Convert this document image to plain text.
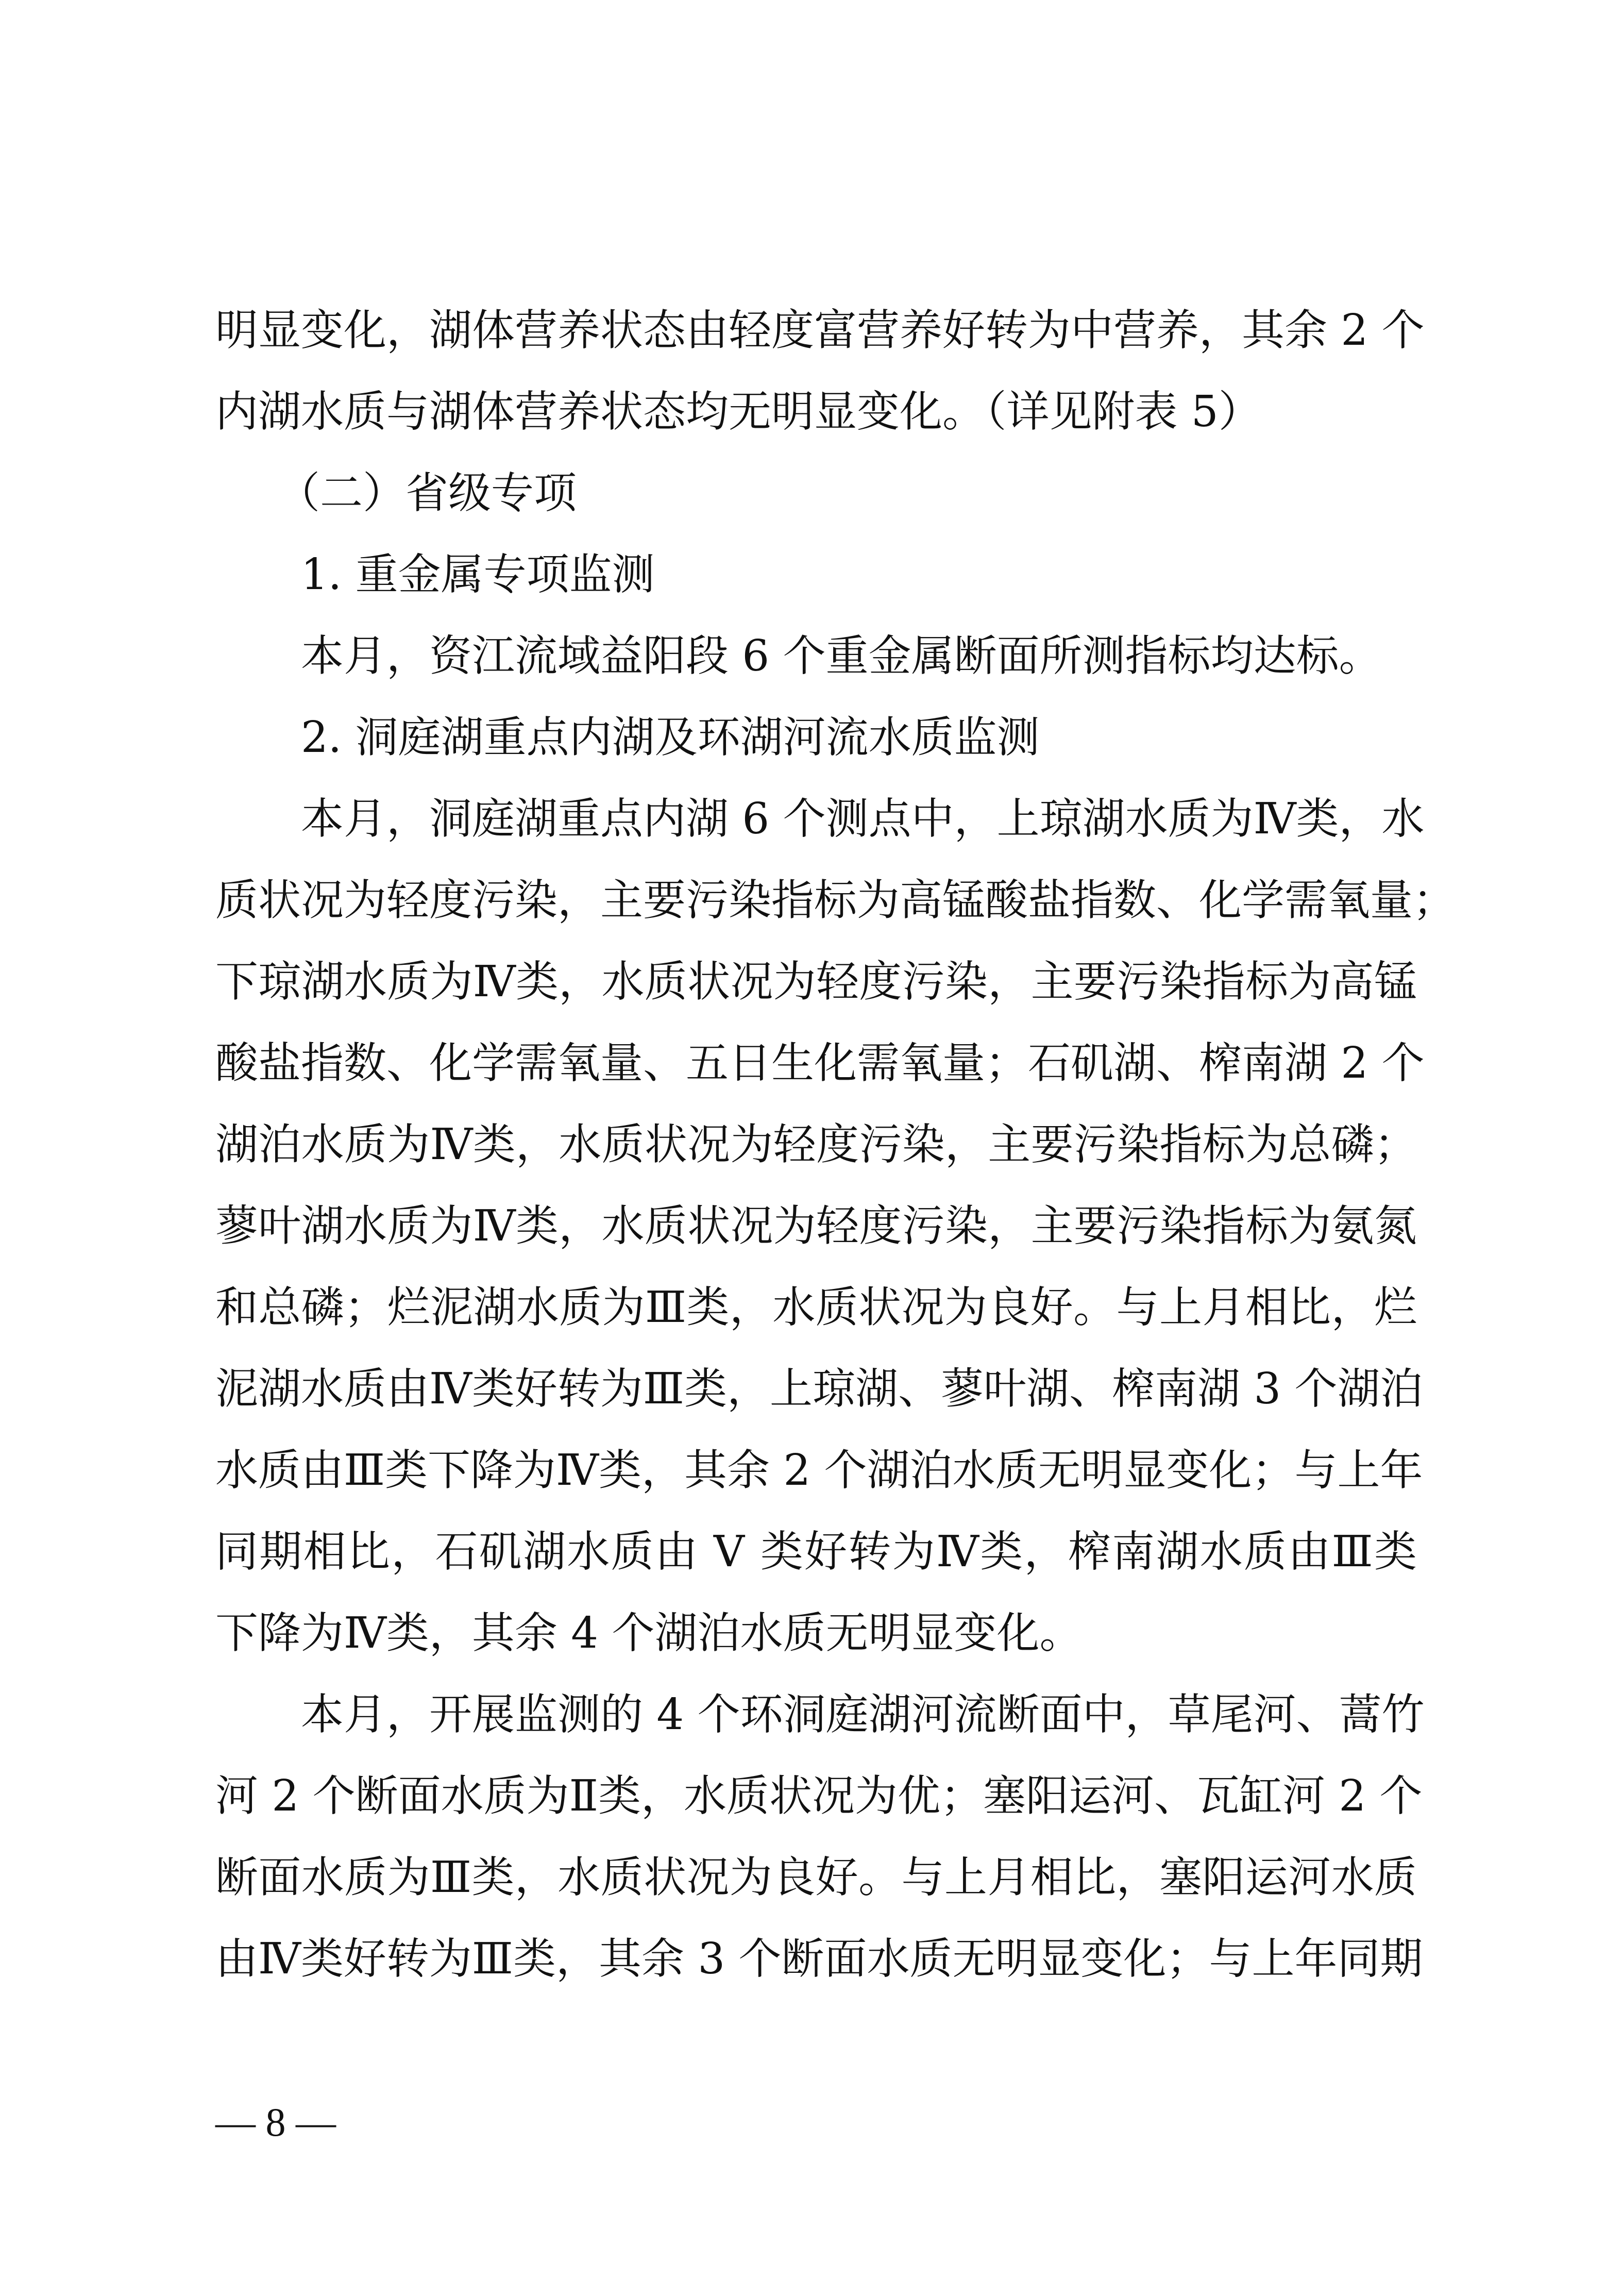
明显变化，湖体营养状态由轻度富营养好转为中营养，其余 2 个
内湖水质与湖体营养状态均无明显变化。（详见附表 5）
（二）省级专项
1. 重金属专项监测
本月，资江流域益阳段 6 个重金属断面所测指标均达标。
2. 洞庭湖重点内湖及环湖河流水质监测
本月，洞庭湖重点内湖 6 个测点中，上琼湖水质为Ⅳ类，水
质状况为轻度污染，主要污染指标为高锰酸盐指数、化学需氧量；
下琼湖水质为Ⅳ类，水质状况为轻度污染，主要污染指标为高锰
酸盐指数、化学需氧量、五日生化需氧量；石矶湖、榨南湖 2 个
湖泊水质为Ⅳ类，水质状况为轻度污染，主要污染指标为总磷；
蓼叶湖水质为Ⅳ类，水质状况为轻度污染，主要污染指标为氨氮
和总磷；烂泥湖水质为Ⅲ类，水质状况为良好。与上月相比，烂
泥湖水质由Ⅳ类好转为Ⅲ类，上琼湖、蓼叶湖、榨南湖 3 个湖泊
水质由Ⅲ类下降为Ⅳ类，其余 2 个湖泊水质无明显变化；与上年
同期相比，石矶湖水质由 Ⅴ 类好转为Ⅳ类，榨南湖水质由Ⅲ类
下降为Ⅳ类，其余 4 个湖泊水质无明显变化。
本月，开展监测的 4 个环洞庭湖河流断面中，草尾河、蒿竹
河 2 个断面水质为Ⅱ类，水质状况为优；塞阳运河、瓦缸河 2 个
断面水质为Ⅲ类，水质状况为良好。与上月相比，塞阳运河水质
由Ⅳ类好转为Ⅲ类，其余 3 个断面水质无明显变化；与上年同期
— 8 —
